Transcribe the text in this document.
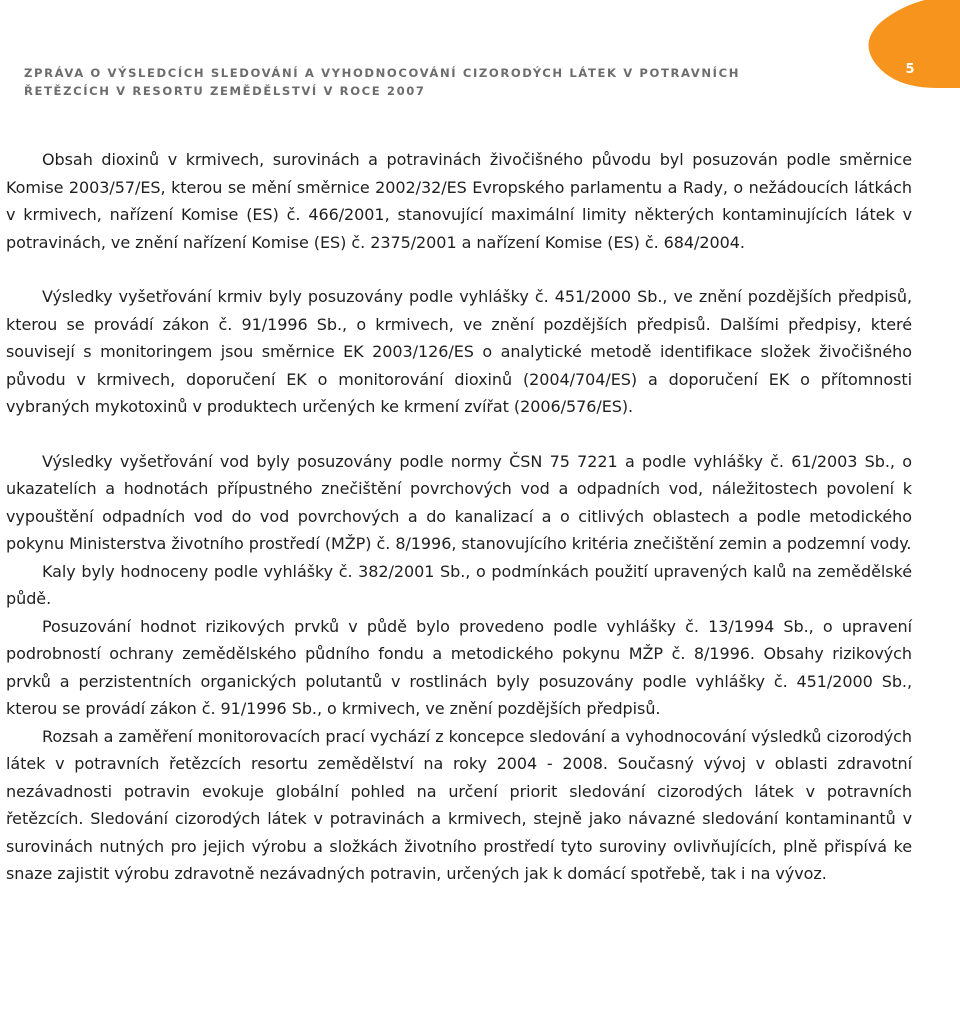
5
ZPRÁVA O VÝSLEDCÍCH SLEDOVÁNÍ A VYHODNOCOVÁNÍ CIZORODÝCH LÁTEK V POTRAVNÍCH
ŘETĚZCÍCH V RESORTU ZEMĚDĚLSTVÍ V ROCE 2007

Obsah dioxinů v krmivech, surovinách a potravinách živočišného původu byl posuzován podle směrnice Komise 2003/57/ES, kterou se mění směrnice 2002/32/ES Evropského parlamentu a Rady, o nežádoucích látkách v krmivech, nařízení Komise (ES) č. 466/2001, stanovující maximální limity některých kontaminujících látek v potravinách, ve znění nařízení Komise (ES) č. 2375/2001 a nařízení Komise (ES) č. 684/2004.

Výsledky vyšetřování krmiv byly posuzovány podle vyhlášky č. 451/2000 Sb., ve znění pozdějších předpisů, kterou se provádí zákon č. 91/1996 Sb., o krmivech, ve znění pozdějších předpisů. Dalšími předpisy, které souvisejí s monitoringem jsou směrnice EK 2003/126/ES o analytické metodě identifikace složek živočišného původu v krmivech, doporučení EK o monitorování dioxinů (2004/704/ES) a doporučení EK o přítomnosti vybraných mykotoxinů v produktech určených ke krmení zvířat (2006/576/ES).

Výsledky vyšetřování vod byly posuzovány podle normy ČSN 75 7221 a podle vyhlášky č. 61/2003 Sb., o ukazatelích a hodnotách přípustného znečištění povrchových vod a odpadních vod, náležitostech povolení k vypouštění odpadních vod do vod povrchových a do kanalizací a o citlivých oblastech a podle metodického pokynu Ministerstva životního prostředí (MŽP) č. 8/1996, stanovujícího kritéria znečištění zemin a podzemní vody.

Kaly byly hodnoceny podle vyhlášky č. 382/2001 Sb., o podmínkách použití upravených kalů na zemědělské půdě.

Posuzování hodnot rizikových prvků v půdě bylo provedeno podle vyhlášky č. 13/1994 Sb., o upravení podrobností ochrany zemědělského půdního fondu a metodického pokynu MŽP č. 8/1996. Obsahy rizikových prvků a perzistentních organických polutantů v rostlinách byly posuzovány podle vyhlášky č. 451/2000 Sb., kterou se provádí zákon č. 91/1996 Sb., o krmivech, ve znění pozdějších předpisů.

Rozsah a zaměření monitorovacích prací vychází z koncepce sledování a vyhodnocování výsledků cizorodých látek v potravních řetězcích resortu zemědělství na roky 2004 - 2008. Současný vývoj v oblasti zdravotní nezávadnosti potravin evokuje globální pohled na určení priorit sledování cizorodých látek v potravních řetězcích. Sledování cizorodých látek v potravinách a krmivech, stejně jako návazné sledování kontaminantů v surovinách nutných pro jejich výrobu a složkách životního prostředí tyto suroviny ovlivňujících, plně přispívá ke snaze zajistit výrobu zdravotně nezávadných potravin, určených jak k domácí spotřebě, tak i na vývoz.
